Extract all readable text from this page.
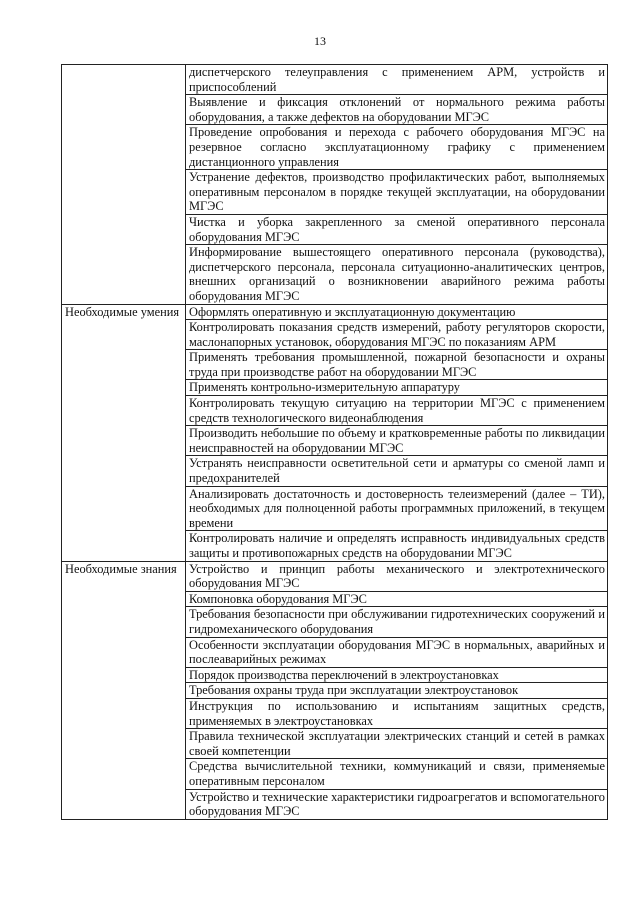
13
	диспетчерского телеуправления с применением АРМ, устройств и приспособлений
	Выявление и фиксация отклонений от нормального режима работы оборудования, а также дефектов на оборудовании МГЭС
	Проведение опробования и перехода с рабочего оборудования МГЭС на резервное согласно эксплуатационному графику с применением дистанционного управления
	Устранение дефектов, производство профилактических работ, выполняемых оперативным персоналом в порядке текущей эксплуатации, на оборудовании МГЭС
	Чистка и уборка закрепленного за сменой оперативного персонала оборудования МГЭС
	Информирование вышестоящего оперативного персонала (руководства), диспетчерского персонала, персонала ситуационно-аналитических центров, внешних организаций о возникновении аварийного режима работы оборудования МГЭС

Необходимые умения	Оформлять оперативную и эксплуатационную документацию
	Контролировать показания средств измерений, работу регуляторов скорости, маслонапорных установок, оборудования МГЭС по показаниям АРМ
	Применять требования промышленной, пожарной безопасности и охраны труда при производстве работ на оборудовании МГЭС
	Применять контрольно-измерительную аппаратуру
	Контролировать текущую ситуацию на территории МГЭС с применением средств технологического видеонаблюдения
	Производить небольшие по объему и кратковременные работы по ликвидации неисправностей на оборудовании МГЭС
	Устранять неисправности осветительной сети и арматуры со сменой ламп и предохранителей
	Анализировать достаточность и достоверность телеизмерений (далее – ТИ), необходимых для полноценной работы программных приложений, в текущем времени
	Контролировать наличие и определять исправность индивидуальных средств защиты и противопожарных средств на оборудовании МГЭС

Необходимые знания	Устройство и принцип работы механического и электротехнического оборудования МГЭС
	Компоновка оборудования МГЭС
	Требования безопасности при обслуживании гидротехнических сооружений и гидромеханического оборудования
	Особенности эксплуатации оборудования МГЭС в нормальных, аварийных и послеаварийных режимах
	Порядок производства переключений в электроустановках
	Требования охраны труда при эксплуатации электроустановок
	Инструкция по использованию и испытаниям защитных средств, применяемых в электроустановках
	Правила технической эксплуатации электрических станций и сетей в рамках своей компетенции
	Средства вычислительной техники, коммуникаций и связи, применяемые оперативным персоналом
	Устройство и технические характеристики гидроагрегатов и вспомогательного оборудования МГЭС
